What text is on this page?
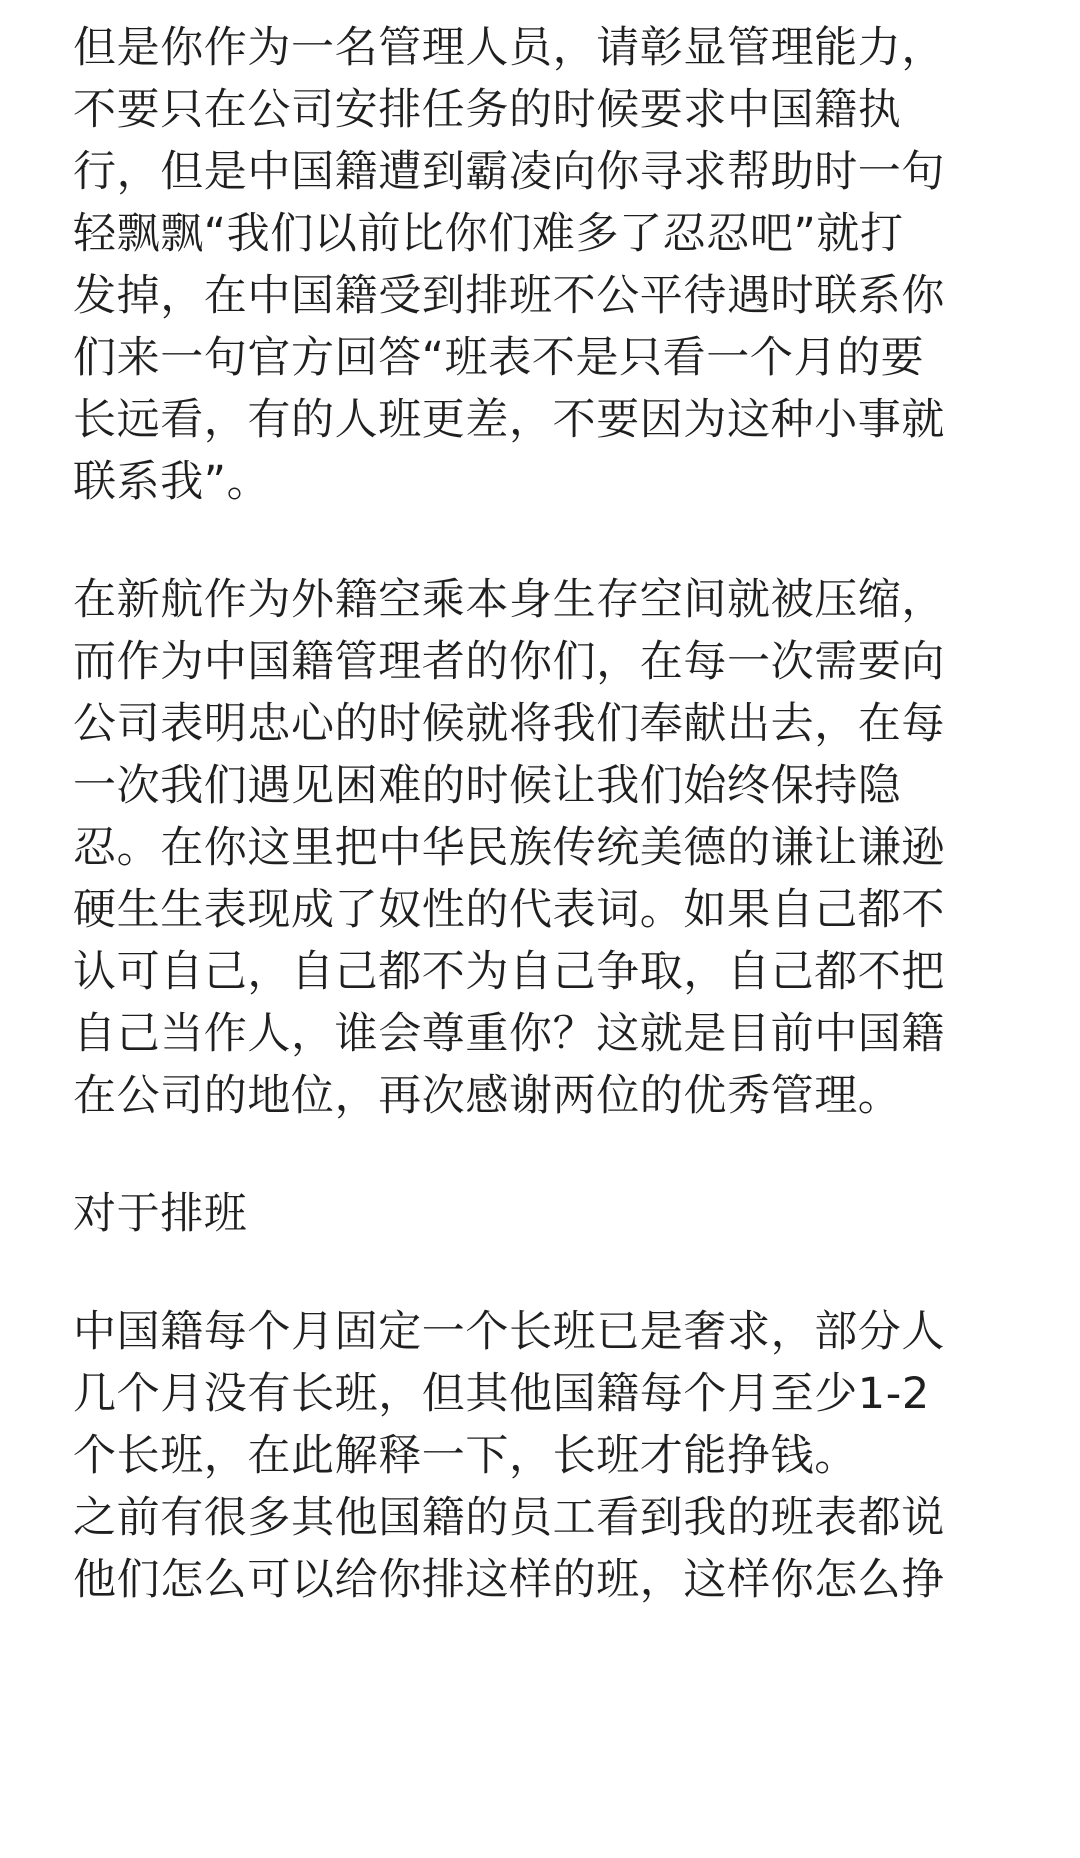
但是你作为一名管理人员，请彰显管理能力，
不要只在公司安排任务的时候要求中国籍执
行，但是中国籍遭到霸凌向你寻求帮助时一句
轻飘飘“我们以前比你们难多了忍忍吧”就打
发掉，在中国籍受到排班不公平待遇时联系你
们来一句官方回答“班表不是只看一个月的要
长远看，有的人班更差，不要因为这种小事就
联系我”。
在新航作为外籍空乘本身生存空间就被压缩，
而作为中国籍管理者的你们，在每一次需要向
公司表明忠心的时候就将我们奉献出去，在每
一次我们遇见困难的时候让我们始终保持隐
忍。在你这里把中华民族传统美德的谦让谦逊
硬生生表现成了奴性的代表词。如果自己都不
认可自己，自己都不为自己争取，自己都不把
自己当作人，谁会尊重你？这就是目前中国籍
在公司的地位，再次感谢两位的优秀管理。
对于排班
中国籍每个月固定一个长班已是奢求，部分人
几个月没有长班，但其他国籍每个月至少1-2
个长班，在此解释一下，长班才能挣钱。
之前有很多其他国籍的员工看到我的班表都说
他们怎么可以给你排这样的班，这样你怎么挣
